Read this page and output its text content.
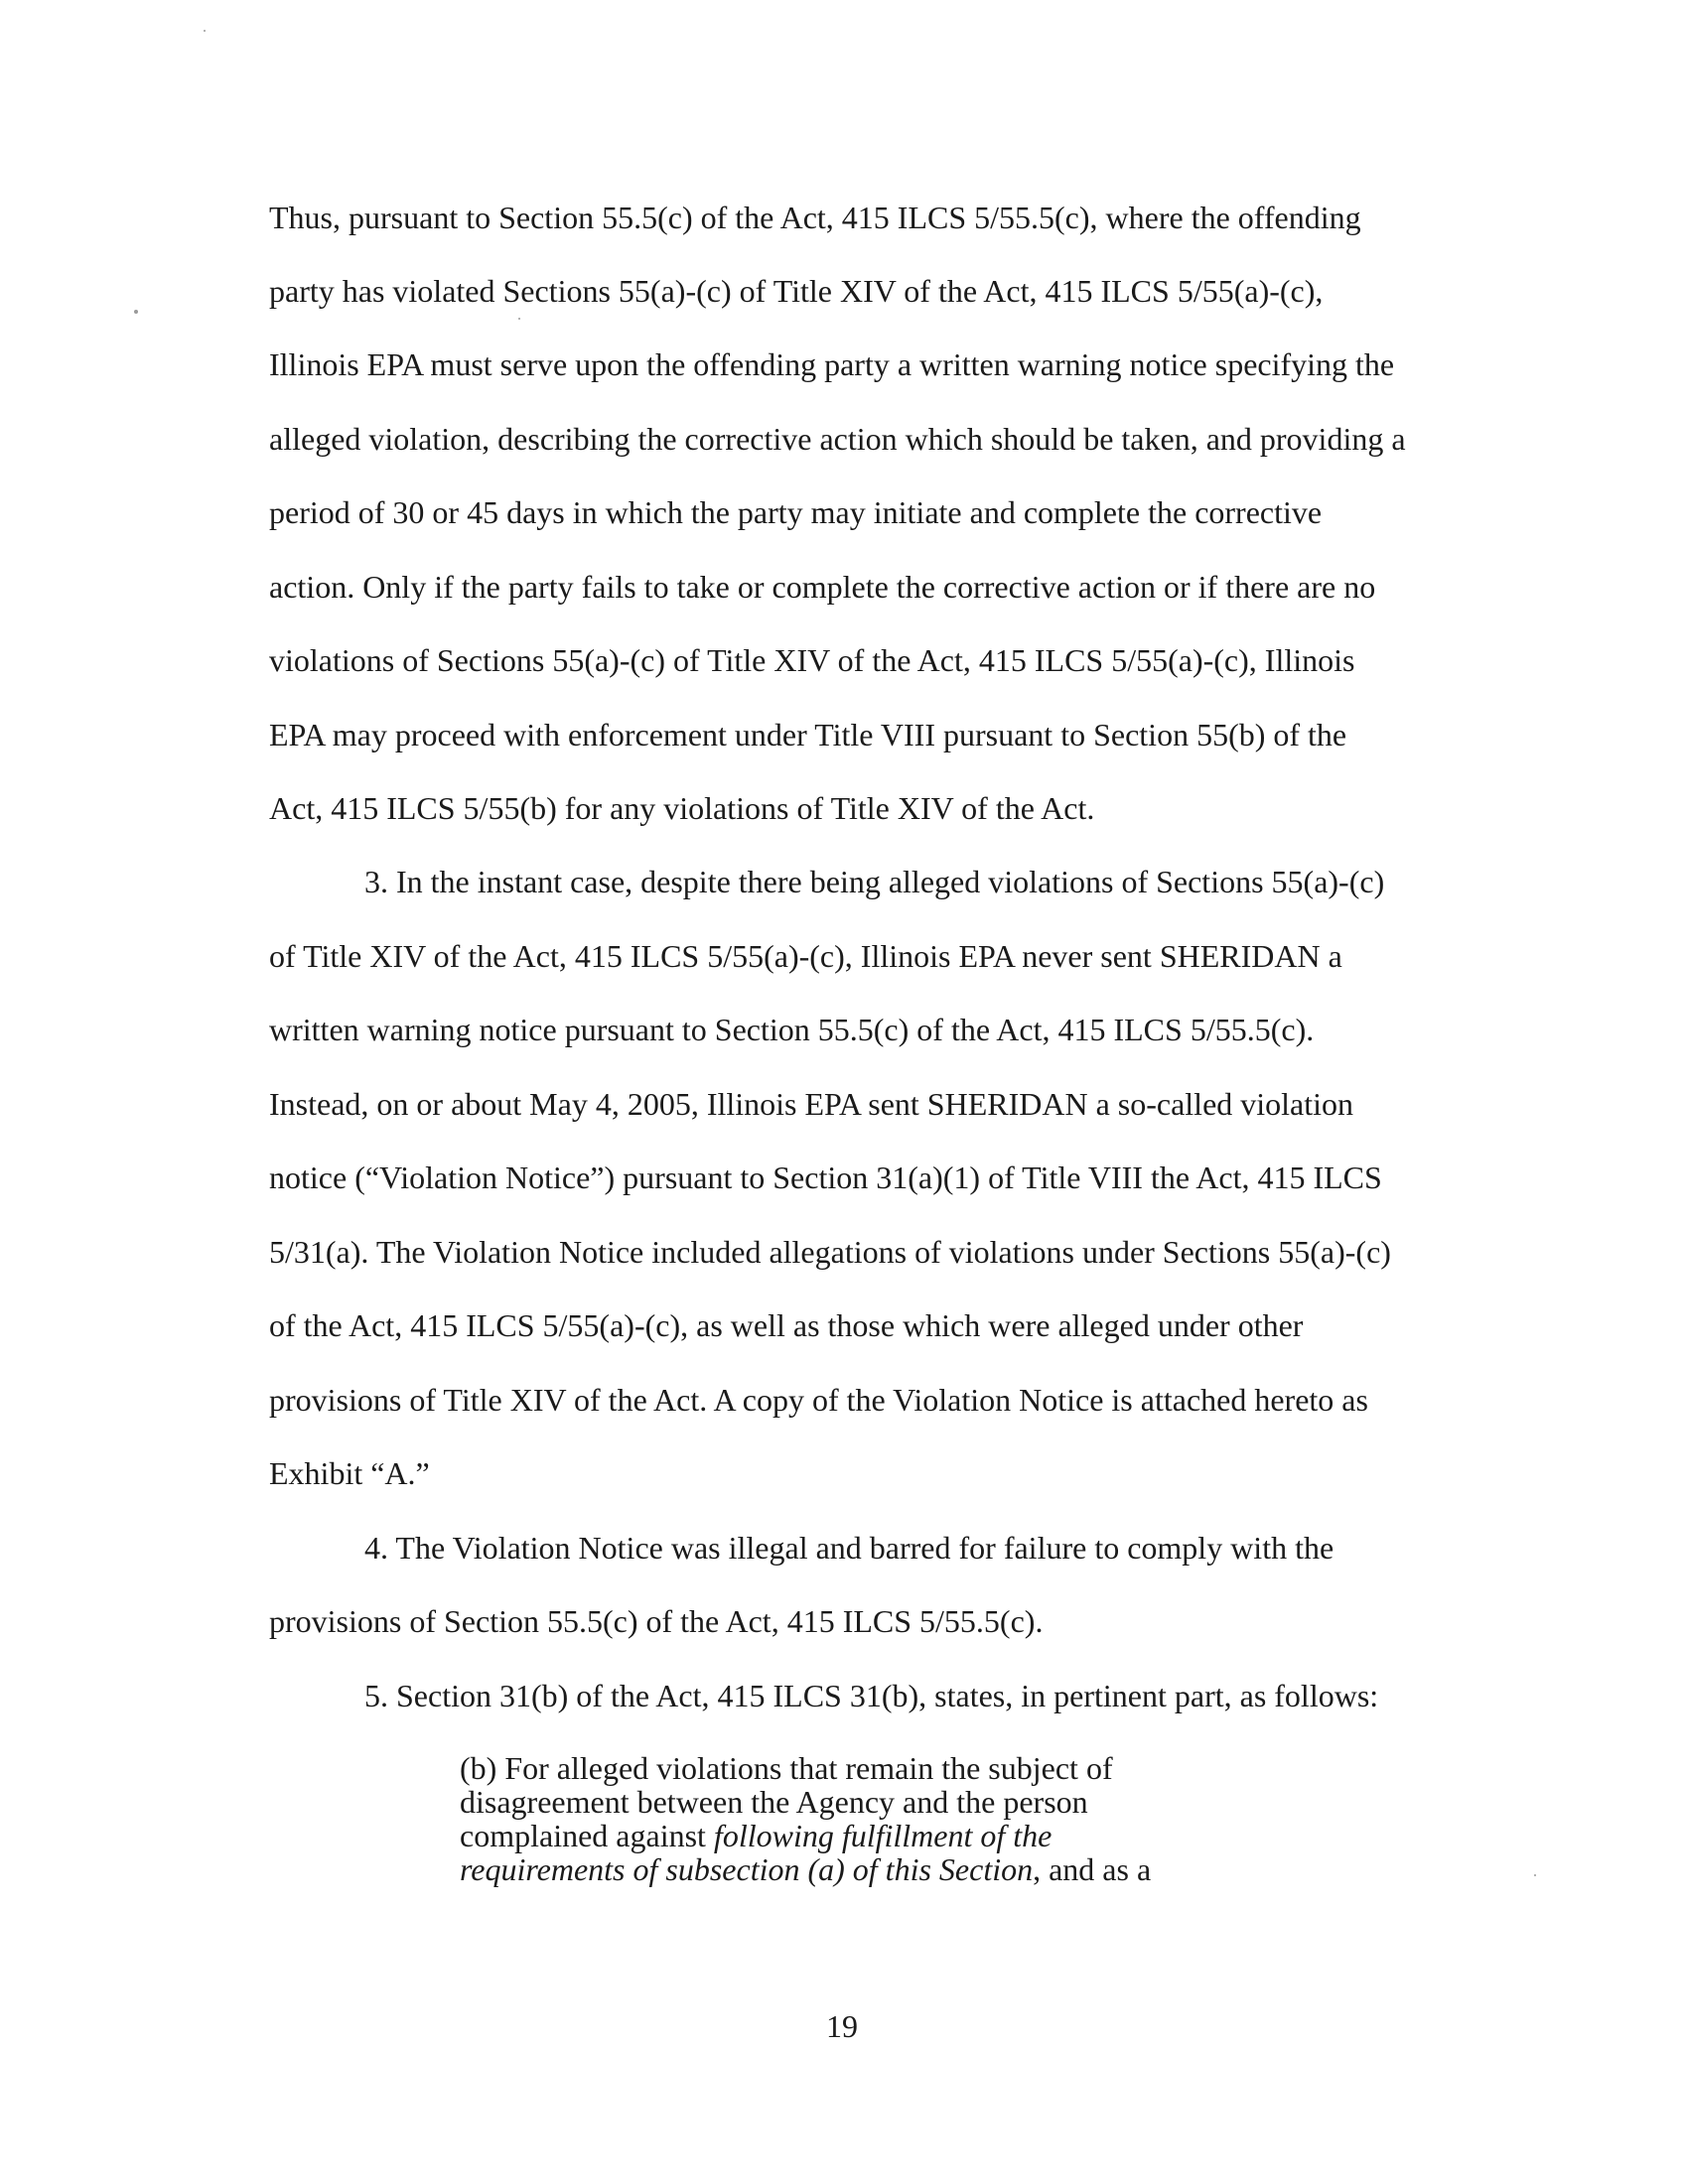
Thus, pursuant to Section 55.5(c) of the Act, 415 ILCS 5/55.5(c), where the offending
party has violated Sections 55(a)-(c) of Title XIV of the Act, 415 ILCS 5/55(a)-(c),
Illinois EPA must serve upon the offending party a written warning notice specifying the
alleged violation, describing the corrective action which should be taken, and providing a
period of 30 or 45 days in which the party may initiate and complete the corrective
action. Only if the party fails to take or complete the corrective action or if there are no
violations of Sections 55(a)-(c) of Title XIV of the Act, 415 ILCS 5/55(a)-(c), Illinois
EPA may proceed with enforcement under Title VIII pursuant to Section 55(b) of the
Act, 415 ILCS 5/55(b) for any violations of Title XIV of the Act.
3. In the instant case, despite there being alleged violations of Sections 55(a)-(c)
of Title XIV of the Act, 415 ILCS 5/55(a)-(c), Illinois EPA never sent SHERIDAN a
written warning notice pursuant to Section 55.5(c) of the Act, 415 ILCS 5/55.5(c).
Instead, on or about May 4, 2005, Illinois EPA sent SHERIDAN a so-called violation
notice (“Violation Notice”) pursuant to Section 31(a)(1) of Title VIII the Act, 415 ILCS
5/31(a). The Violation Notice included allegations of violations under Sections 55(a)-(c)
of the Act, 415 ILCS 5/55(a)-(c), as well as those which were alleged under other
provisions of Title XIV of the Act. A copy of the Violation Notice is attached hereto as
Exhibit “A.”
4. The Violation Notice was illegal and barred for failure to comply with the
provisions of Section 55.5(c) of the Act, 415 ILCS 5/55.5(c).
5. Section 31(b) of the Act, 415 ILCS 31(b), states, in pertinent part, as follows:
(b) For alleged violations that remain the subject of
disagreement between the Agency and the person
complained against following fulfillment of the
requirements of subsection (a) of this Section, and as a
19
